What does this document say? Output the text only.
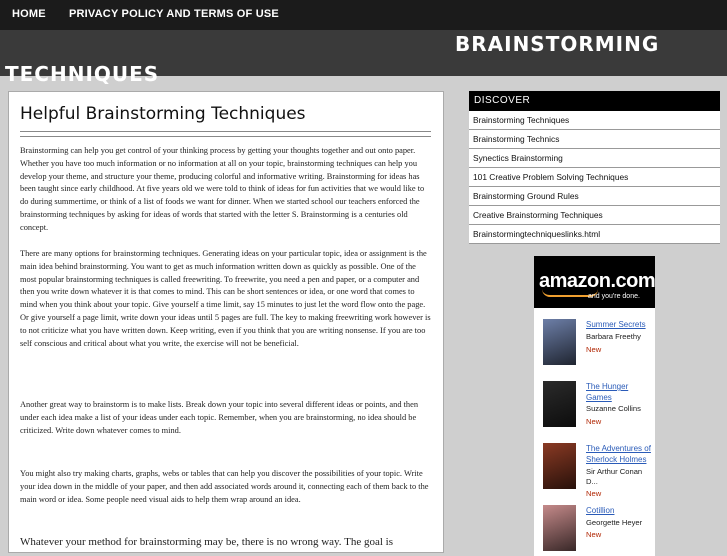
HOME PRIVACY POLICY AND TERMS OF USE
BRAINSTORMING
TECHNIQUES
Helpful Brainstorming Techniques

Brainstorming can help you get control of your thinking process by getting your thoughts together and out onto paper. Whether you have too much information or no information at all on your topic, brainstorming techniques can help you develop your theme, and structure your theme, producing colorful and informative writing. Brainstorming for ideas has been taught since early childhood. At five years old we were told to think of ideas for fun activities that we would like to do during summertime, or think of a list of foods we want for dinner. When we started school our teachers enforced the brainstorming techniques by asking for ideas of words that started with the letter S. Brainstorming is a centuries old concept.

There are many options for brainstorming techniques. Generating ideas on your particular topic, idea or assignment is the main idea behind brainstorming. You want to get as much information written down as quickly as possible. One of the most popular brainstorming techniques is called freewriting. To freewrite, you need a pen and paper, or a computer and then you write down whatever it is that comes to mind. This can be short sentences or idea, or one word that comes to mind when you think about your topic. Give yourself a time limit, say 15 minutes to just let the word flow onto the page. Or give yourself a page limit, write down your ideas until 5 pages are full. The key to making freewriting work however is to not criticize what you have written down. Keep writing, even if you think that you are writing nonsense. If you are too self conscious and critical about what you write, the exercise will not be beneficial.

Another great way to brainstorm is to make lists. Break down your topic into several different ideas or points, and then under each idea make a list of your ideas under each topic. Remember, when you are brainstorming, no idea should be criticized. Write down whatever comes to mind.

You might also try making charts, graphs, webs or tables that can help you discover the possibilities of your topic. Write your idea down in the middle of your paper, and then add associated words around it, connecting each of them back to the main word or idea. Some people need visual aids to help them wrap around an idea.

Whatever your method for brainstorming may be, there is no wrong way. The goal is

DISCOVER
Brainstorming Techniques
Brainstorming Technics
Synectics Brainstorming
101 Creative Problem Solving Techniques
Brainstorming Ground Rules
Creative Brainstorming Techniques
Brainstormingtechniqueslinks.html
amazon.com
and you're done.
Summer Secrets
Barbara Freethy
New
The Hunger Games
Suzanne Collins
New
The Adventures of Sherlock Holmes
Sir Arthur Conan D...
New
Cotillion
Georgette Heyer
New
